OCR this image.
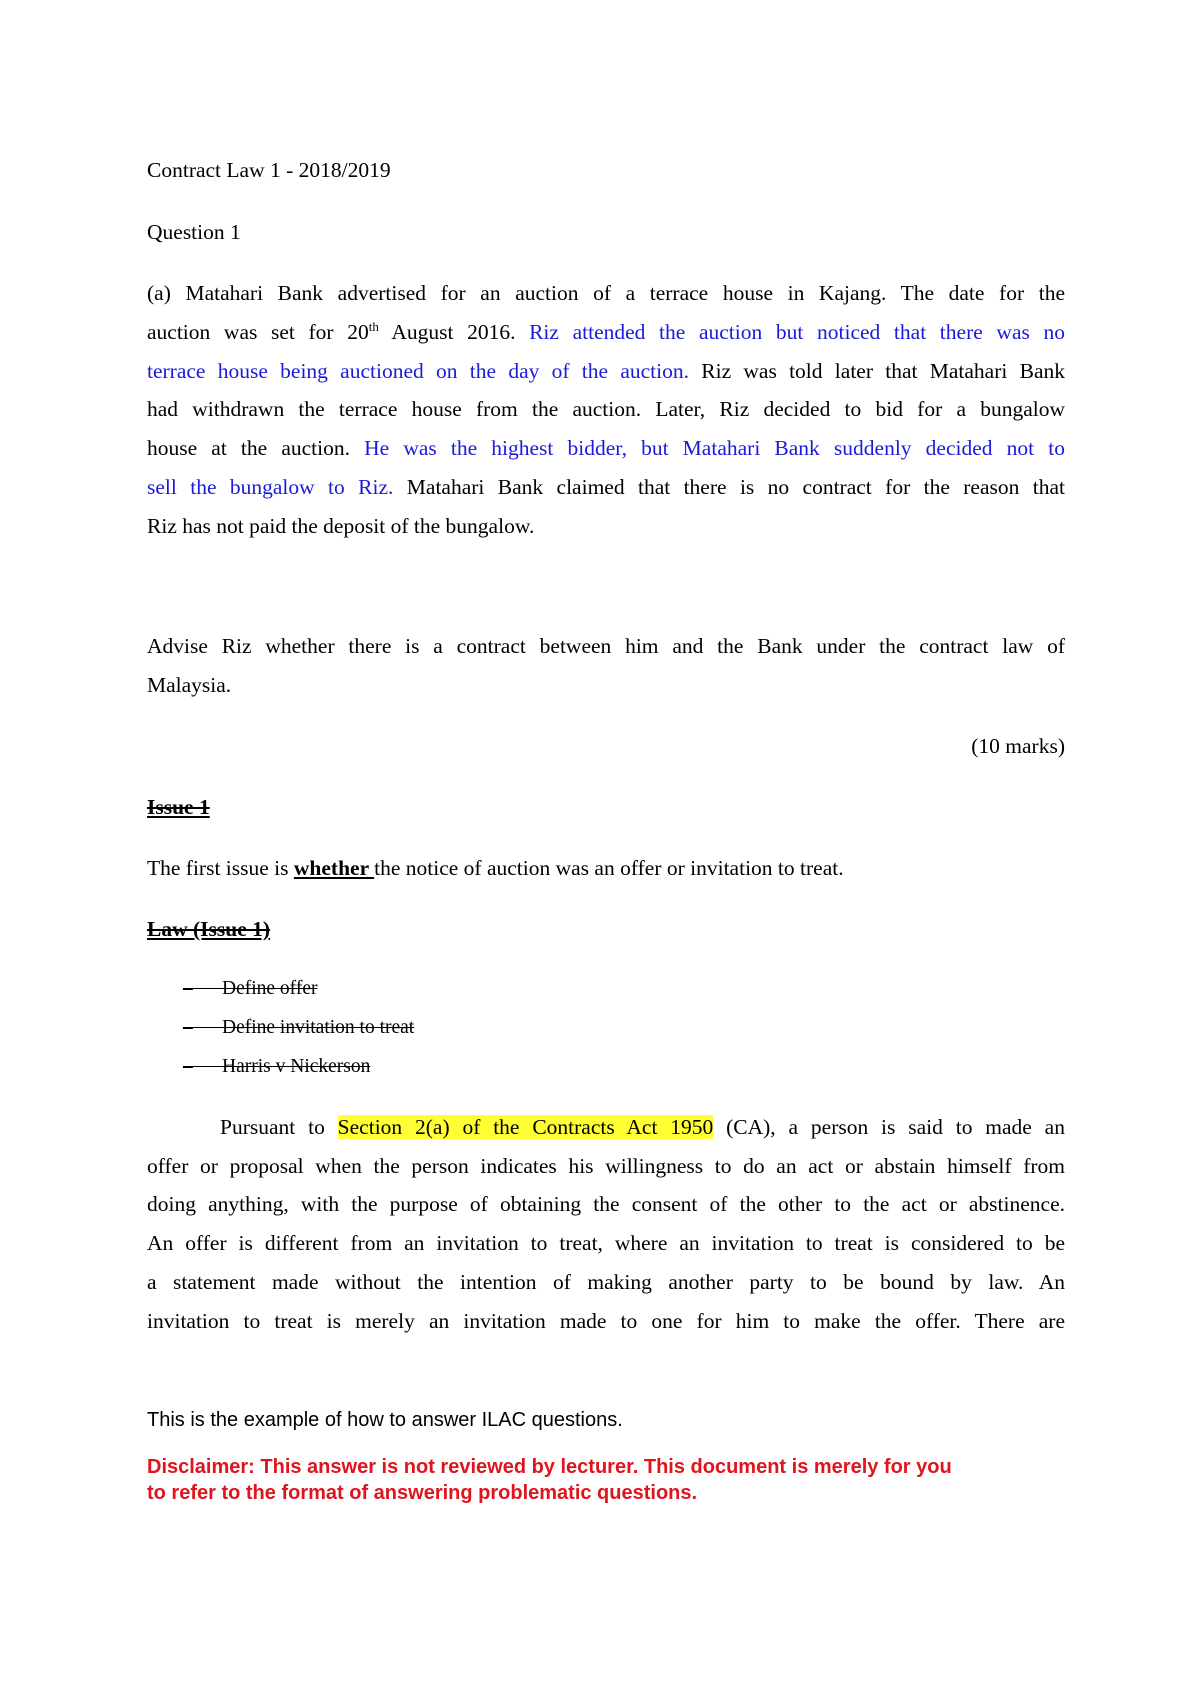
Contract Law 1 - 2018/2019
Question 1
(a) Matahari Bank advertised for an auction of a terrace house in Kajang. The date for the
auction was set for 20th August 2016. Riz attended the auction but noticed that there was no
terrace house being auctioned on the day of the auction. Riz was told later that Matahari Bank
had withdrawn the terrace house from the auction. Later, Riz decided to bid for a bungalow
house at the auction. He was the highest bidder, but Matahari Bank suddenly decided not to
sell the bungalow to Riz. Matahari Bank claimed that there is no contract for the reason that
Riz has not paid the deposit of the bungalow.
Advise Riz whether there is a contract between him and the Bank under the contract law of
Malaysia.
(10 marks)
Issue 1
The first issue is whether the notice of auction was an offer or invitation to treat.
Law (Issue 1)
–      Define offer
–      Define invitation to treat
–      Harris v Nickerson
Pursuant to Section 2(a) of the Contracts Act 1950 (CA), a person is said to made an
offer or proposal when the person indicates his willingness to do an act or abstain himself from
doing anything, with the purpose of obtaining the consent of the other to the act or abstinence.
An offer is different from an invitation to treat, where an invitation to treat is considered to be
a statement made without the intention of making another party to be bound by law. An
invitation to treat is merely an invitation made to one for him to make the offer. There are
This is the example of how to answer ILAC questions.
Disclaimer: This answer is not reviewed by lecturer. This document is merely for you
to refer to the format of answering problematic questions.
